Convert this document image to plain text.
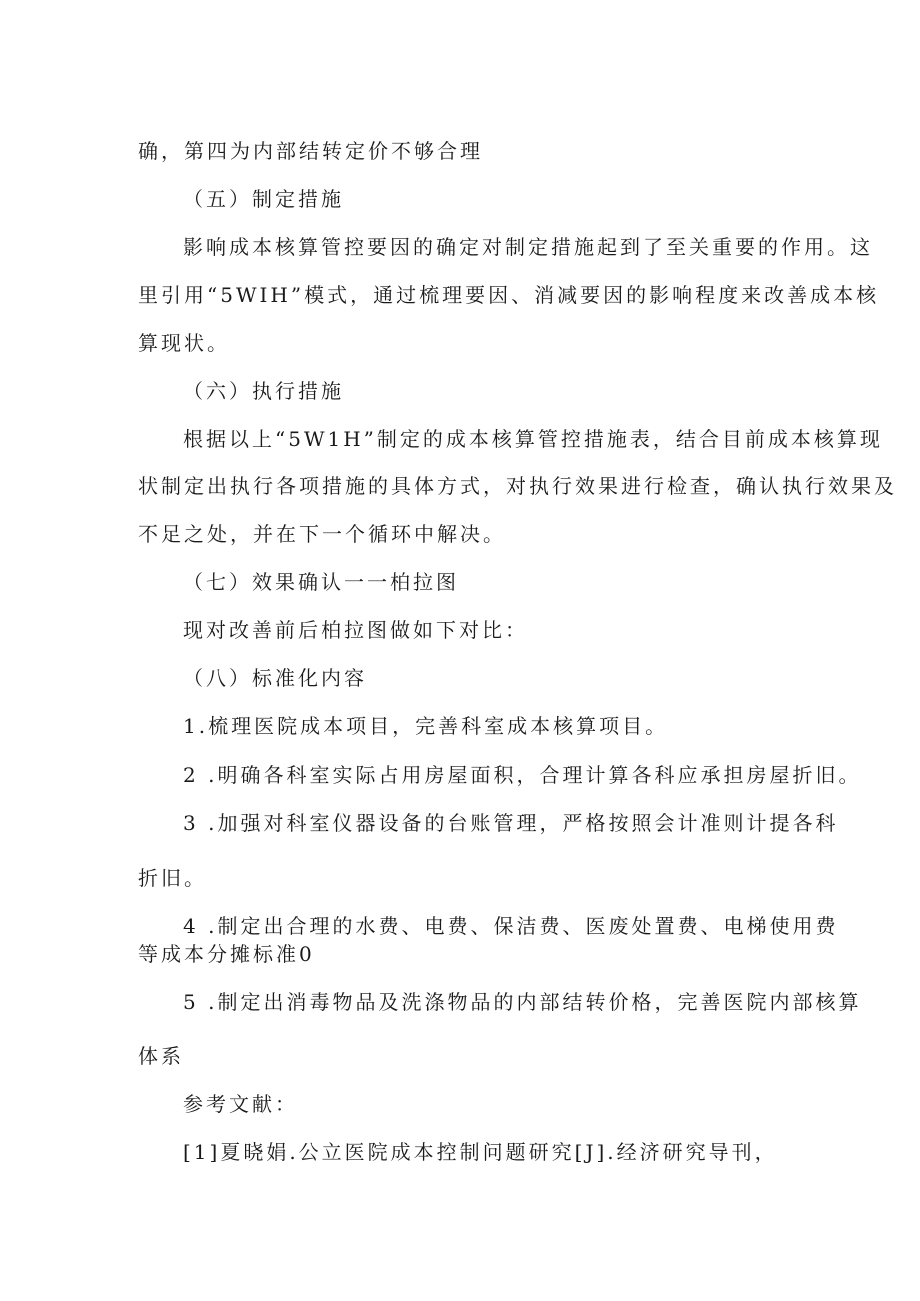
确，第四为内部结转定价不够合理
（五）制定措施
影响成本核算管控要因的确定对制定措施起到了至关重要的作用。这
里引用“5WIH”模式，通过梳理要因、消减要因的影响程度来改善成本核
算现状。
（六）执行措施
根据以上“5W1H”制定的成本核算管控措施表，结合目前成本核算现
状制定出执行各项措施的具体方式，对执行效果进行检查，确认执行效果及
不足之处，并在下一个循环中解决。
（七）效果确认一一柏拉图
现对改善前后柏拉图做如下对比：
（八）标准化内容
1.梳理医院成本项目，完善科室成本核算项目。
2 .明确各科室实际占用房屋面积，合理计算各科应承担房屋折旧。
3 .加强对科室仪器设备的台账管理，严格按照会计准则计提各科
折旧。
4 .制定出合理的水费、电费、保洁费、医废处置费、电梯使用费
等成本分摊标准0
5 .制定出消毒物品及洗涤物品的内部结转价格，完善医院内部核算
体系
参考文献：
[1]夏晓娟.公立医院成本控制问题研究[J].经济研究导刊，
